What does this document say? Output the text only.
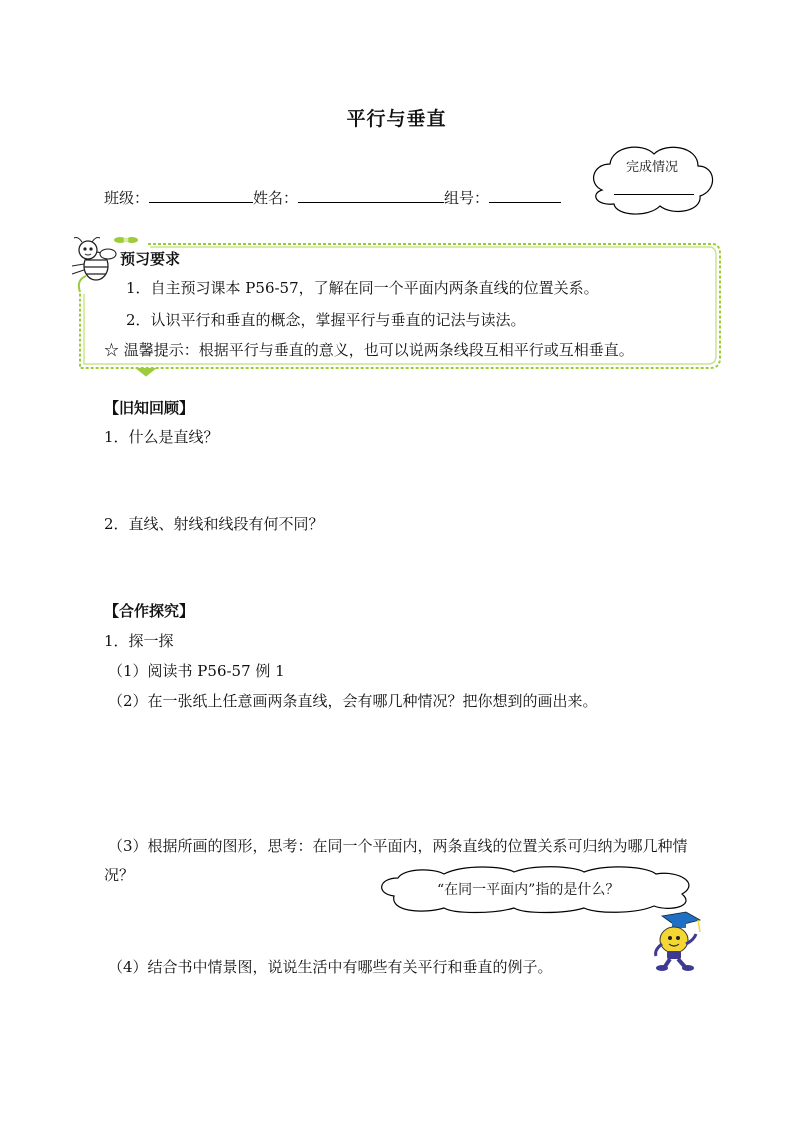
平行与垂直
完成情况
班级：	姓名：	组号：
预习要求
1．自主预习课本 P56-57，了解在同一个平面内两条直线的位置关系。
2．认识平行和垂直的概念，掌握平行与垂直的记法与读法。
☆ 温馨提示：根据平行与垂直的意义，也可以说两条线段互相平行或互相垂直。
【旧知回顾】
1．什么是直线？
2．直线、射线和线段有何不同？
【合作探究】
1．探一探
（1）阅读书 P56-57 例 1
（2）在一张纸上任意画两条直线，会有哪几种情况？把你想到的画出来。
（3）根据所画的图形，思考：在同一个平面内，两条直线的位置关系可归纳为哪几种情
况？
“在同一平面内”指的是什么？
（4）结合书中情景图，说说生活中有哪些有关平行和垂直的例子。
